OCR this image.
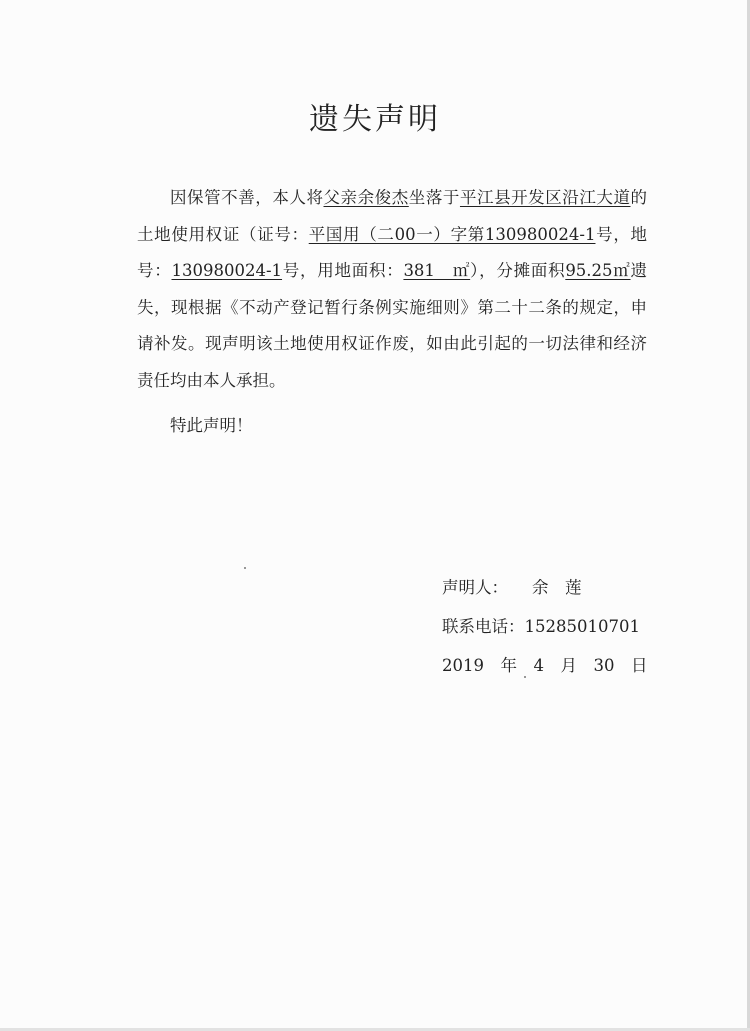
遗失声明
因保管不善，本人将父亲余俊杰坐落于平江县开发区沿江大道的土地使用权证（证号：平国用（二00一）字第130980024-1号，地号：130980024-1号，用地面积：381　㎡），分摊面积95.25㎡遗失，现根据《不动产登记暂行条例实施细则》第二十二条的规定，申请补发。现声明该土地使用权证作废，如由此引起的一切法律和经济责任均由本人承担。
特此声明！
声明人： 余　莲
联系电话：15285010701
2019　年　4　月　30　日
